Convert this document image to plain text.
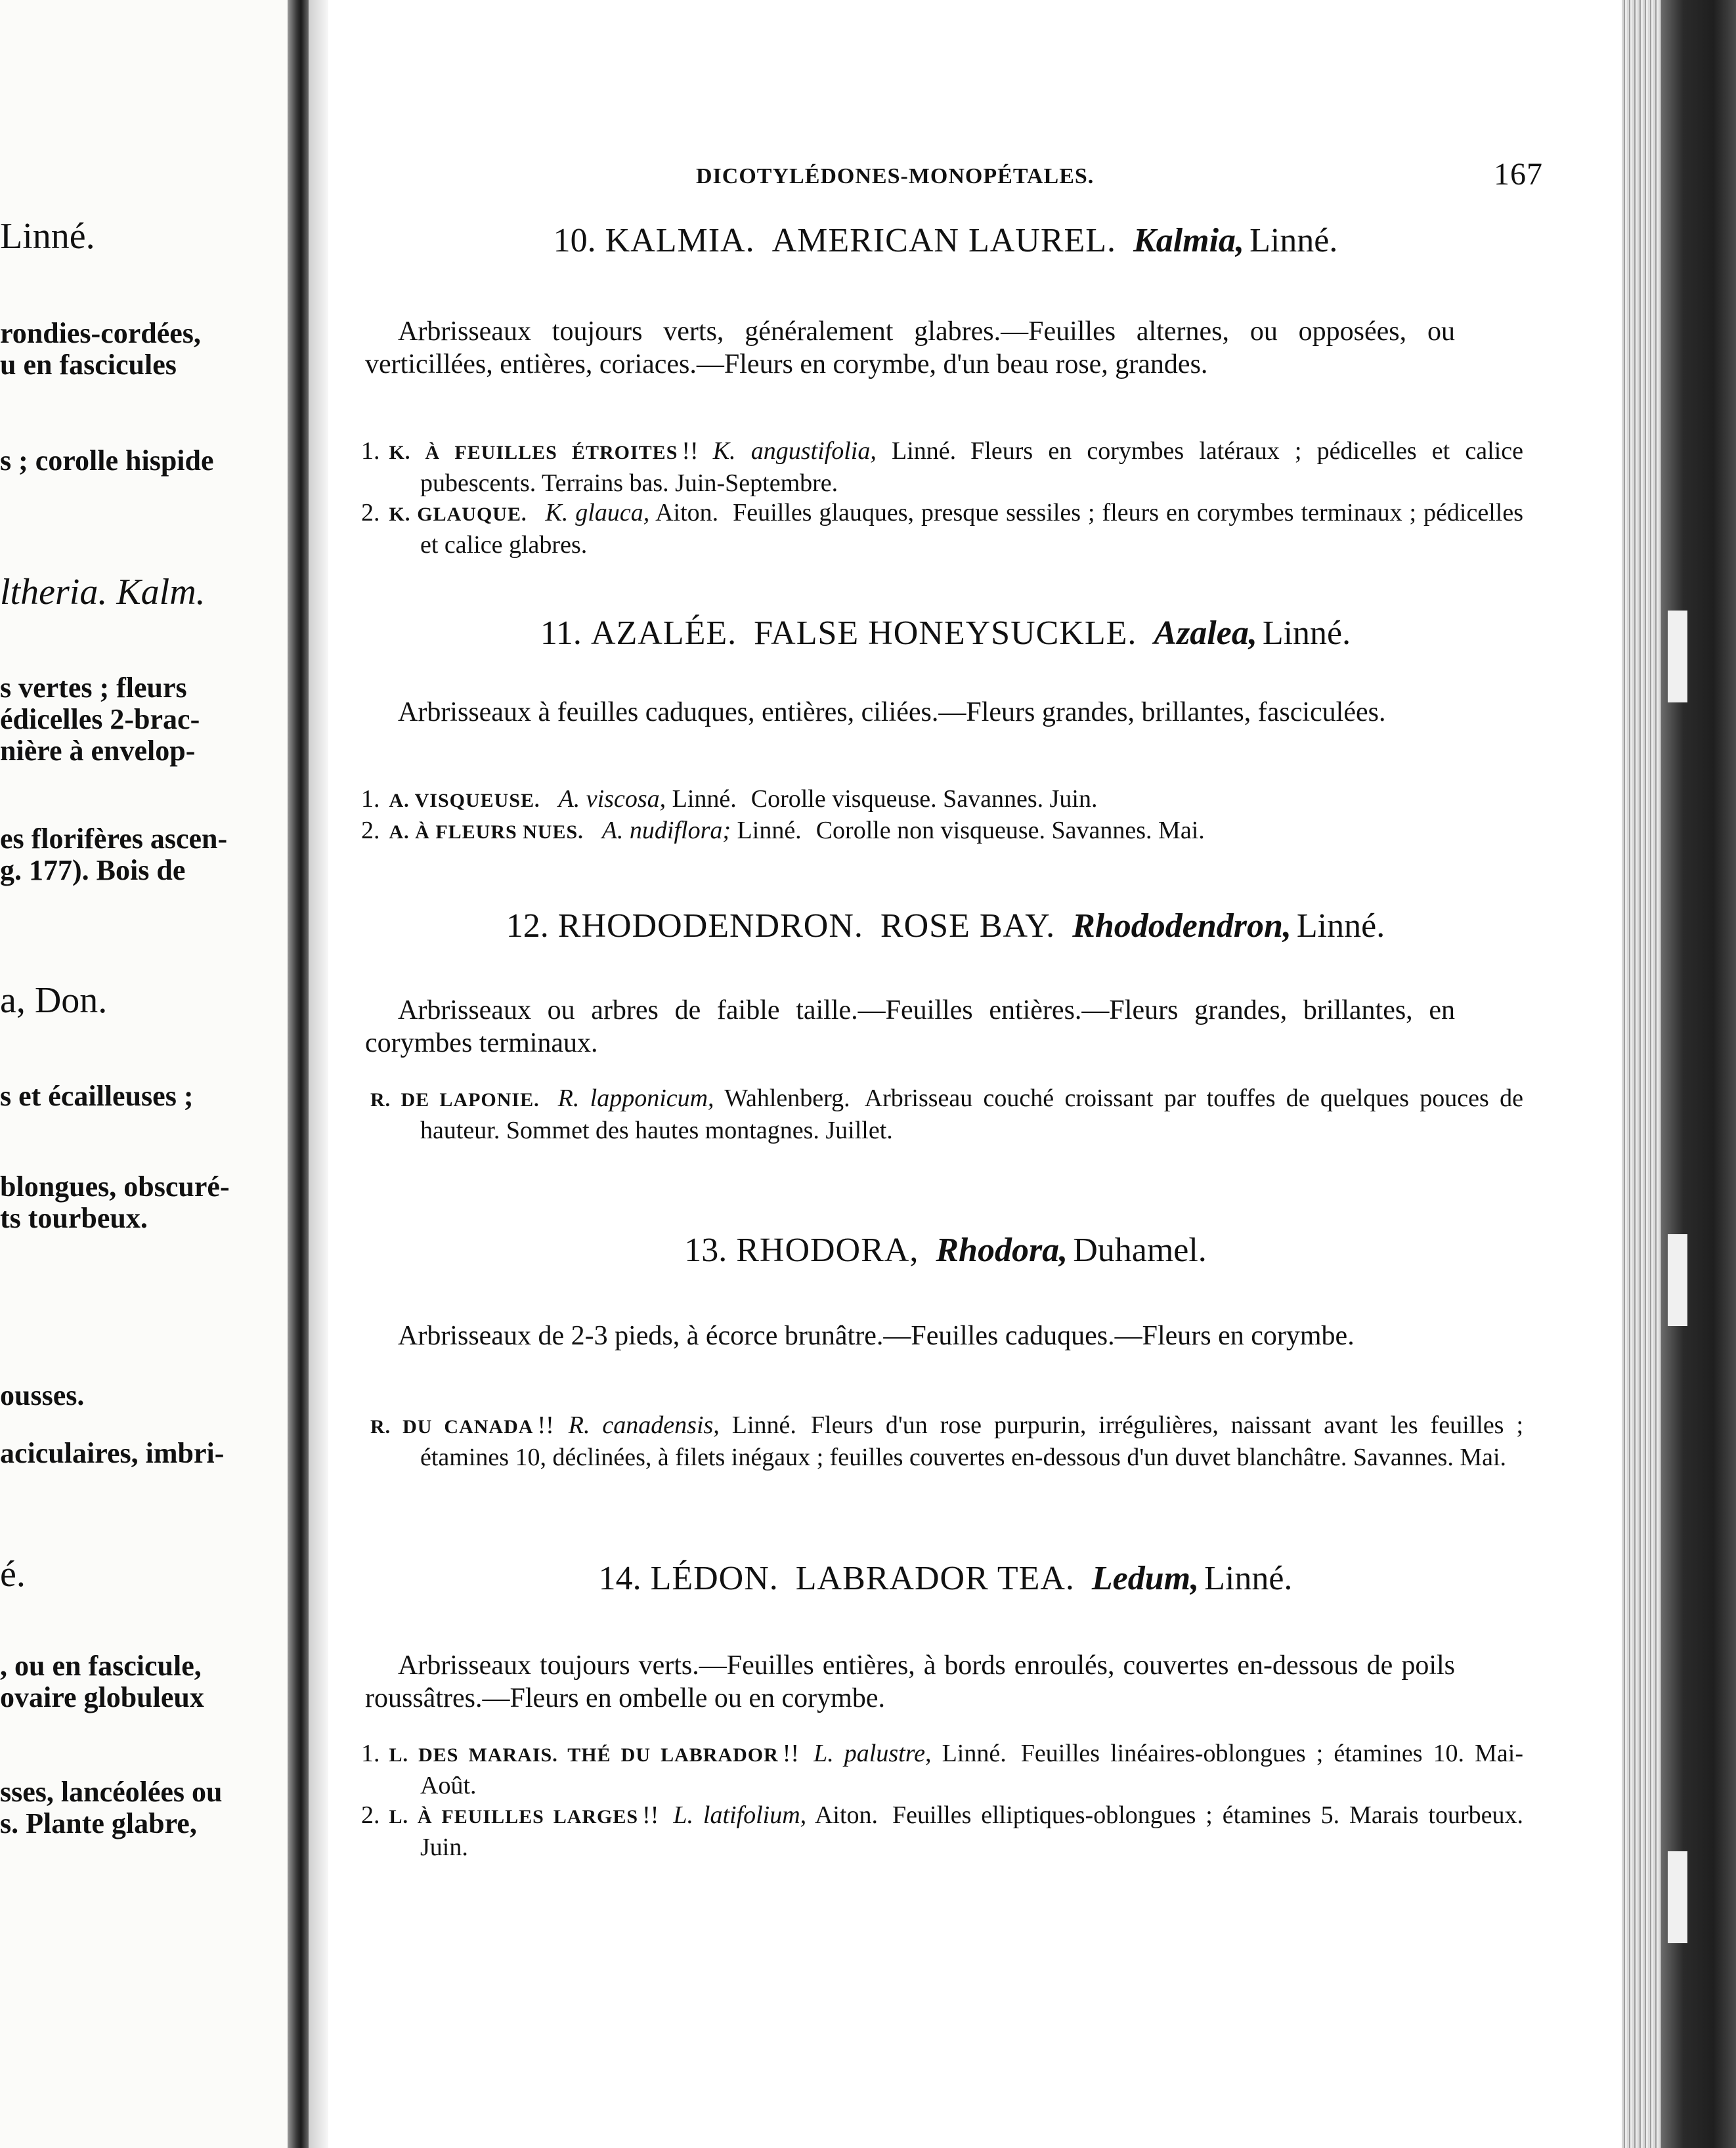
Linné.
rondies-cordées,
u en fascicules
s ; corolle hispide
ltheria. Kalm.
s vertes ; fleurs
édicelles 2-brac-
nière à envelop-
es florifères ascen-
g. 177). Bois de
a, Don.
s et écailleuses ;
blongues, obscuré-
ts tourbeux.
ousses.
aciculaires, imbri-
é.
, ou en fascicule,
ovaire globuleux
sses, lancéolées ou
s. Plante glabre,
DICOTYLÉDONES-MONOPÉTALES.	167
10. KALMIA. AMERICAN LAUREL. Kalmia, Linné.
Arbrisseaux toujours verts, généralement glabres.—Feuilles alternes, ou opposées, ou verticillées, entières, coriaces.—Fleurs en corymbe, d'un beau rose, grandes.
1. K. À FEUILLES ÉTROITES !! K. angustifolia, Linné. Fleurs en corymbes latéraux ; pédicelles et calice pubescents. Terrains bas. Juin-Septembre.
2. K. GLAUQUE. K. glauca, Aiton. Feuilles glauques, presque sessiles ; fleurs en corymbes terminaux ; pédicelles et calice glabres.
11. AZALÉE. FALSE HONEYSUCKLE. Azalea, Linné.
Arbrisseaux à feuilles caduques, entières, ciliées.—Fleurs grandes, brillantes, fasciculées.
1. A. VISQUEUSE. A. viscosa, Linné. Corolle visqueuse. Savannes. Juin.
2. A. À FLEURS NUES. A. nudiflora; Linné. Corolle non visqueuse. Savannes. Mai.
12. RHODODENDRON. ROSE BAY. Rhododendron, Linné.
Arbrisseaux ou arbres de faible taille.—Feuilles entières.—Fleurs grandes, brillantes, en corymbes terminaux.
R. DE LAPONIE. R. lapponicum, Wahlenberg. Arbrisseau couché croissant par touffes de quelques pouces de hauteur. Sommet des hautes montagnes. Juillet.
13. RHODORA, Rhodora, Duhamel.
Arbrisseaux de 2-3 pieds, à écorce brunâtre.—Feuilles caduques.—Fleurs en corymbe.
R. DU CANADA !! R. canadensis, Linné. Fleurs d'un rose purpurin, irrégulières, naissant avant les feuilles ; étamines 10, déclinées, à filets inégaux ; feuilles couvertes en-dessous d'un duvet blanchâtre. Savannes. Mai.
14. LÉDON. LABRADOR TEA. Ledum, Linné.
Arbrisseaux toujours verts.—Feuilles entières, à bords enroulés, couvertes en-dessous de poils roussâtres.—Fleurs en ombelle ou en corymbe.
1. L. DES MARAIS. THÉ DU LABRADOR !! L. palustre, Linné. Feuilles linéaires-oblongues ; étamines 10. Mai-Août.
2. L. À FEUILLES LARGES !! L. latifolium, Aiton. Feuilles elliptiques-oblongues ; étamines 5. Marais tourbeux. Juin.
